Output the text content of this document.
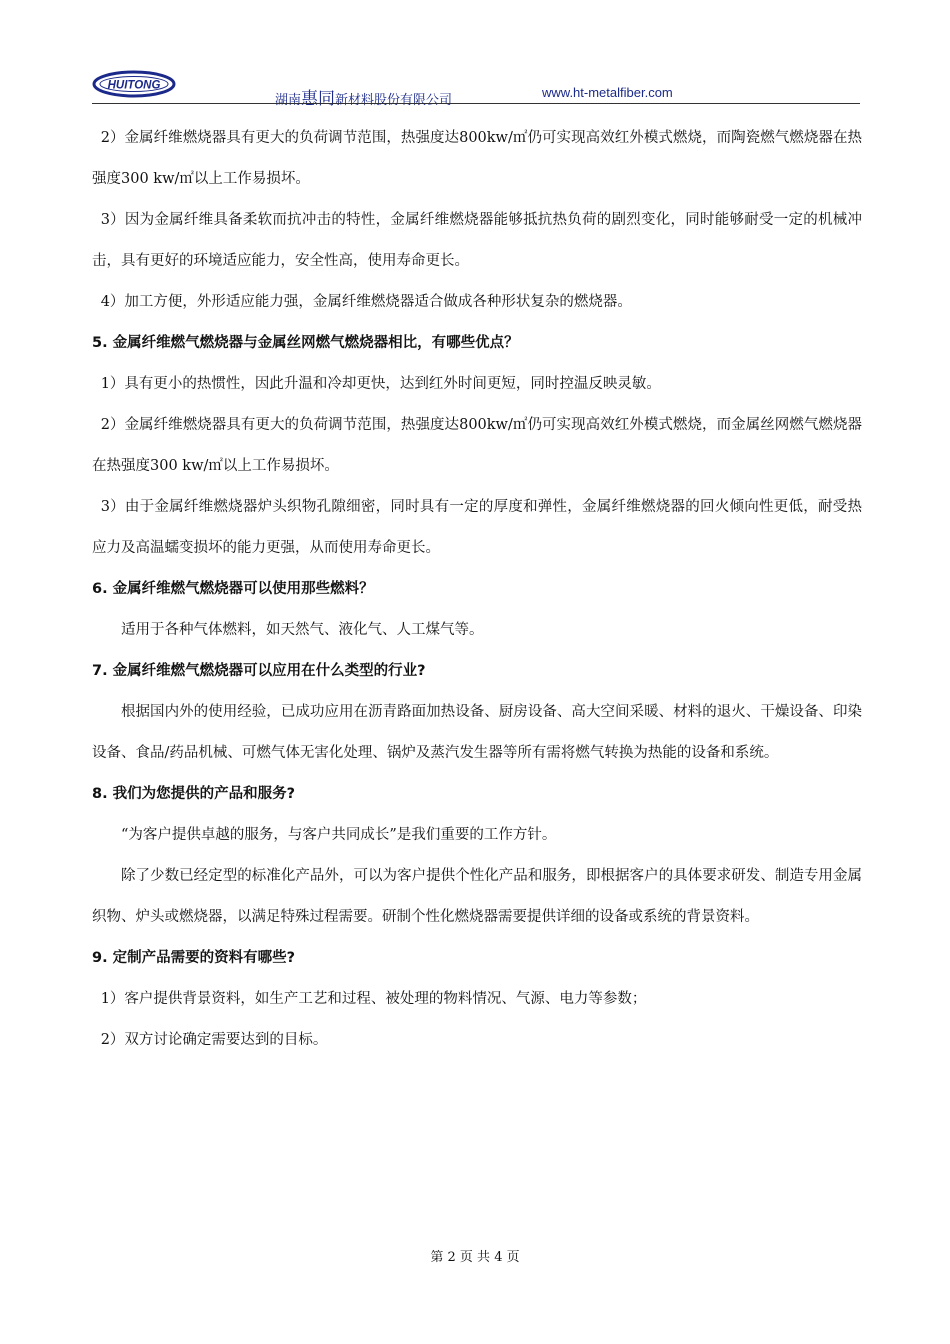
HUITONG
湖南惠同新材料股份有限公司
www.ht-metalfiber.com

2）金属纤维燃烧器具有更大的负荷调节范围，热强度达800kw/㎡仍可实现高效红外模式燃烧，而陶瓷燃气燃烧器在热强度300 kw/㎡以上工作易损坏。

3）因为金属纤维具备柔软而抗冲击的特性，金属纤维燃烧器能够抵抗热负荷的剧烈变化，同时能够耐受一定的机械冲击，具有更好的环境适应能力，安全性高，使用寿命更长。

4）加工方便，外形适应能力强，金属纤维燃烧器适合做成各种形状复杂的燃烧器。

5. 金属纤维燃气燃烧器与金属丝网燃气燃烧器相比，有哪些优点？

1）具有更小的热惯性，因此升温和冷却更快，达到红外时间更短，同时控温反映灵敏。

2）金属纤维燃烧器具有更大的负荷调节范围，热强度达800kw/㎡仍可实现高效红外模式燃烧，而金属丝网燃气燃烧器在热强度300 kw/㎡以上工作易损坏。

3）由于金属纤维燃烧器炉头织物孔隙细密，同时具有一定的厚度和弹性，金属纤维燃烧器的回火倾向性更低，耐受热应力及高温蠕变损坏的能力更强，从而使用寿命更长。

6. 金属纤维燃气燃烧器可以使用那些燃料？

适用于各种气体燃料，如天然气、液化气、人工煤气等。

7. 金属纤维燃气燃烧器可以应用在什么类型的行业?

根据国内外的使用经验，已成功应用在沥青路面加热设备、厨房设备、高大空间采暖、材料的退火、干燥设备、印染设备、食品/药品机械、可燃气体无害化处理、锅炉及蒸汽发生器等所有需将燃气转换为热能的设备和系统。

8. 我们为您提供的产品和服务?

“为客户提供卓越的服务，与客户共同成长”是我们重要的工作方针。

除了少数已经定型的标准化产品外，可以为客户提供个性化产品和服务，即根据客户的具体要求研发、制造专用金属织物、炉头或燃烧器，以满足特殊过程需要。研制个性化燃烧器需要提供详细的设备或系统的背景资料。

9. 定制产品需要的资料有哪些?

1）客户提供背景资料，如生产工艺和过程、被处理的物料情况、气源、电力等参数；

2）双方讨论确定需要达到的目标。

第 2 页 共 4 页
